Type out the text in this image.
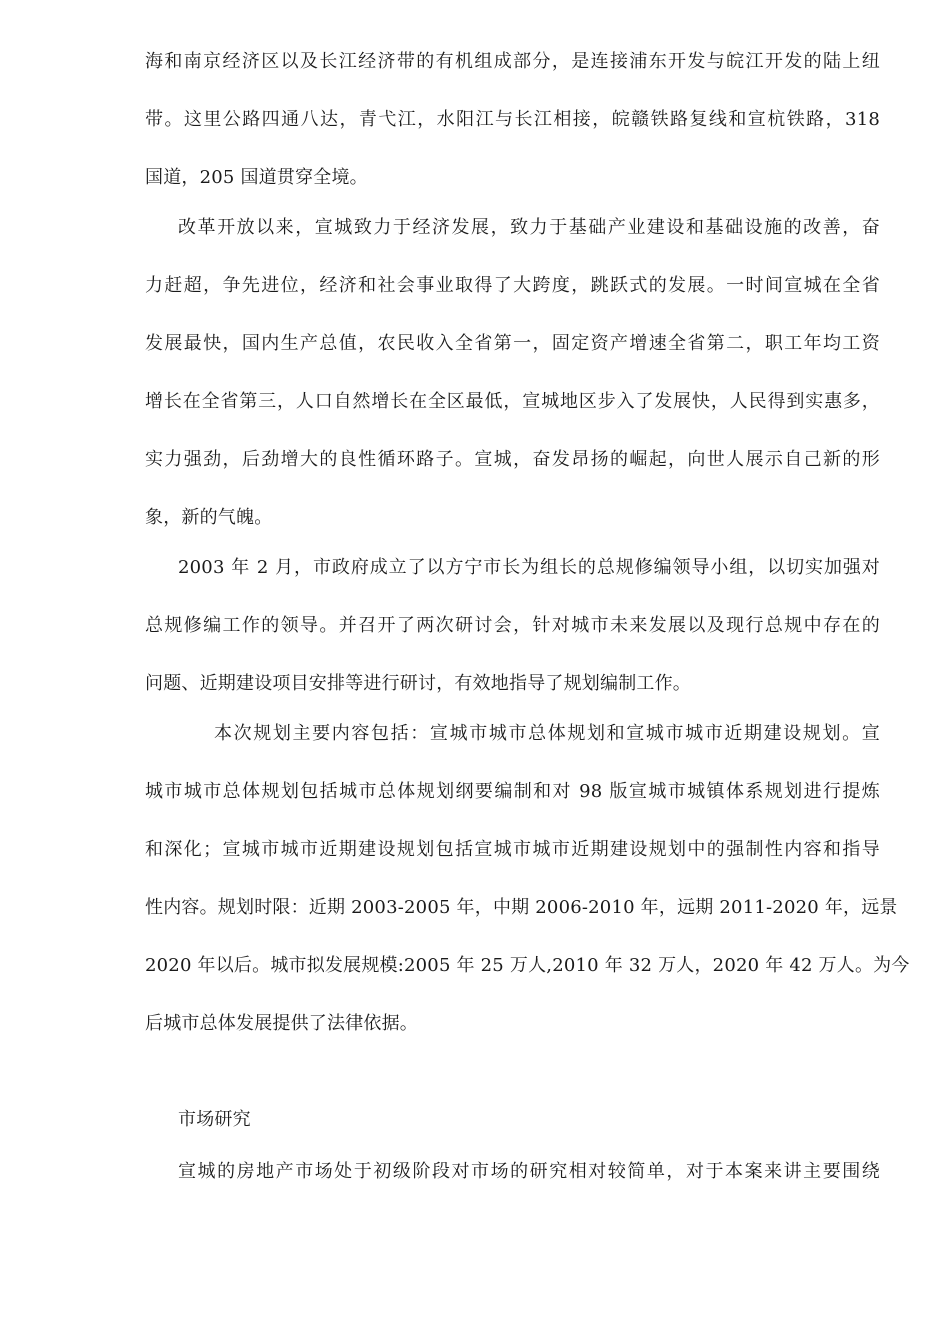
海和南京经济区以及长江经济带的有机组成部分，是连接浦东开发与皖江开发的陆上纽
带。这里公路四通八达，青弋江，水阳江与长江相接，皖赣铁路复线和宣杭铁路，318
国道，205 国道贯穿全境。
改革开放以来，宣城致力于经济发展，致力于基础产业建设和基础设施的改善，奋
力赶超，争先进位，经济和社会事业取得了大跨度，跳跃式的发展。一时间宣城在全省
发展最快，国内生产总值，农民收入全省第一，固定资产增速全省第二，职工年均工资
增长在全省第三，人口自然增长在全区最低，宣城地区步入了发展快，人民得到实惠多，
实力强劲，后劲增大的良性循环路子。宣城，奋发昂扬的崛起，向世人展示自己新的形
象，新的气魄。
2003 年 2 月，市政府成立了以方宁市长为组长的总规修编领导小组，以切实加强对
总规修编工作的领导。并召开了两次研讨会，针对城市未来发展以及现行总规中存在的
问题、近期建设项目安排等进行研讨，有效地指导了规划编制工作。
本次规划主要内容包括：宣城市城市总体规划和宣城市城市近期建设规划。宣
城市城市总体规划包括城市总体规划纲要编制和对 98 版宣城市城镇体系规划进行提炼
和深化；宣城市城市近期建设规划包括宣城市城市近期建设规划中的强制性内容和指导
性内容。规划时限：近期 2003-2005 年，中期 2006-2010 年，远期 2011-2020 年，远景
2020 年以后。城市拟发展规模:2005 年 25 万人,2010 年 32 万人，2020 年 42 万人。为今
后城市总体发展提供了法律依据。
市场研究
宣城的房地产市场处于初级阶段对市场的研究相对较简单，对于本案来讲主要围绕
